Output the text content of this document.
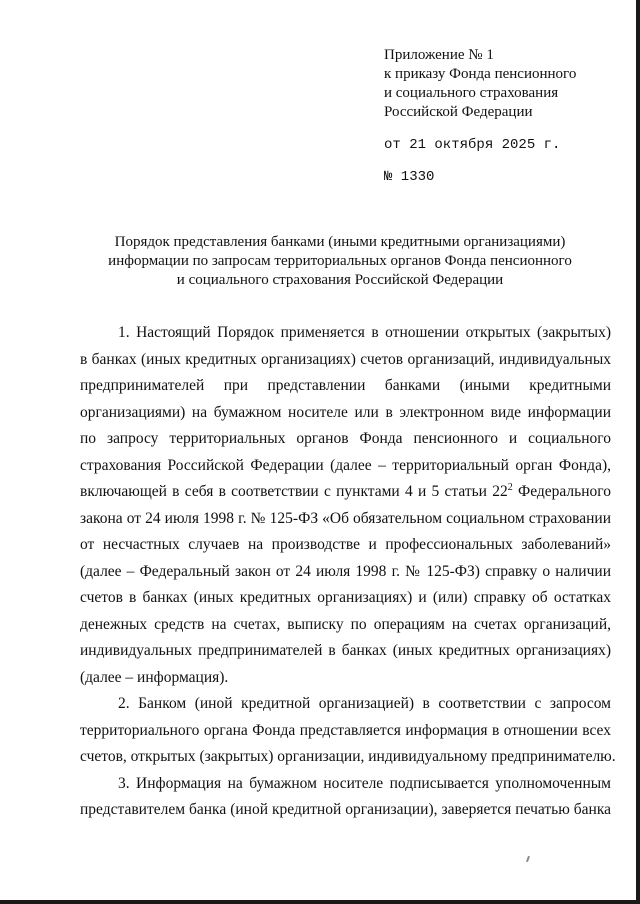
Приложение № 1
к приказу Фонда пенсионного
и социального страхования
Российской Федерации
от 21 октября 2025 г.
№ 1330
Порядок представления банками (иными кредитными организациями)
информации по запросам территориальных органов Фонда пенсионного
и социального страхования Российской Федерации
1. Настоящий Порядок применяется в отношении открытых (закрытых)
в банках (иных кредитных организациях) счетов организаций, индивидуальных
предпринимателей при представлении банками (иными кредитными
организациями) на бумажном носителе или в электронном виде информации
по запросу территориальных органов Фонда пенсионного и социального
страхования Российской Федерации (далее – территориальный орган Фонда),
включающей в себя в соответствии с пунктами 4 и 5 статьи $22^2$ Федерального
закона от 24 июля 1998 г. № 125-ФЗ «Об обязательном социальном страховании
от несчастных случаев на производстве и профессиональных заболеваний»
(далее – Федеральный закон от 24 июля 1998 г. № 125-ФЗ) справку о наличии
счетов в банках (иных кредитных организациях) и (или) справку об остатках
денежных средств на счетах, выписку по операциям на счетах организаций,
индивидуальных предпринимателей в банках (иных кредитных организациях)
(далее – информация).
2. Банком (иной кредитной организацией) в соответствии с запросом
территориального органа Фонда представляется информация в отношении всех
счетов, открытых (закрытых) организации, индивидуальному предпринимателю.
3. Информация на бумажном носителе подписывается уполномоченным
представителем банка (иной кредитной организации), заверяется печатью банка
